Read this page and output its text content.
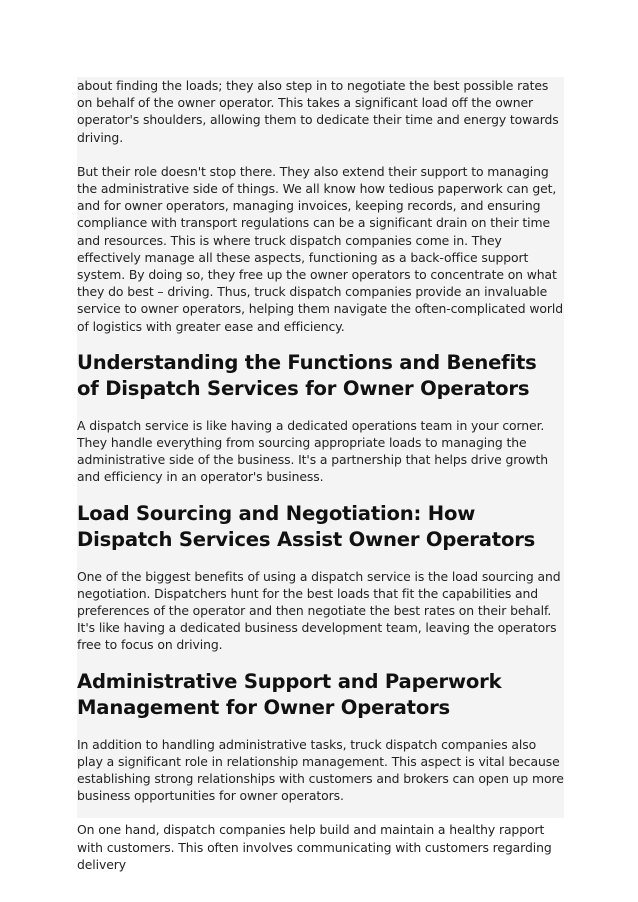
about finding the loads; they also step in to negotiate the best possible rates on behalf of the owner operator. This takes a significant load off the owner operator's shoulders, allowing them to dedicate their time and energy towards driving.

But their role doesn't stop there. They also extend their support to managing the administrative side of things. We all know how tedious paperwork can get, and for owner operators, managing invoices, keeping records, and ensuring compliance with transport regulations can be a significant drain on their time and resources. This is where truck dispatch companies come in. They effectively manage all these aspects, functioning as a back-office support system. By doing so, they free up the owner operators to concentrate on what they do best – driving. Thus, truck dispatch companies provide an invaluable service to owner operators, helping them navigate the often-complicated world of logistics with greater ease and efficiency.

Understanding the Functions and Benefits of Dispatch Services for Owner Operators

A dispatch service is like having a dedicated operations team in your corner. They handle everything from sourcing appropriate loads to managing the administrative side of the business. It's a partnership that helps drive growth and efficiency in an operator's business.

Load Sourcing and Negotiation: How Dispatch Services Assist Owner Operators

One of the biggest benefits of using a dispatch service is the load sourcing and negotiation. Dispatchers hunt for the best loads that fit the capabilities and preferences of the operator and then negotiate the best rates on their behalf. It's like having a dedicated business development team, leaving the operators free to focus on driving.

Administrative Support and Paperwork Management for Owner Operators

In addition to handling administrative tasks, truck dispatch companies also play a significant role in relationship management. This aspect is vital because establishing strong relationships with customers and brokers can open up more business opportunities for owner operators.

On one hand, dispatch companies help build and maintain a healthy rapport with customers. This often involves communicating with customers regarding delivery
